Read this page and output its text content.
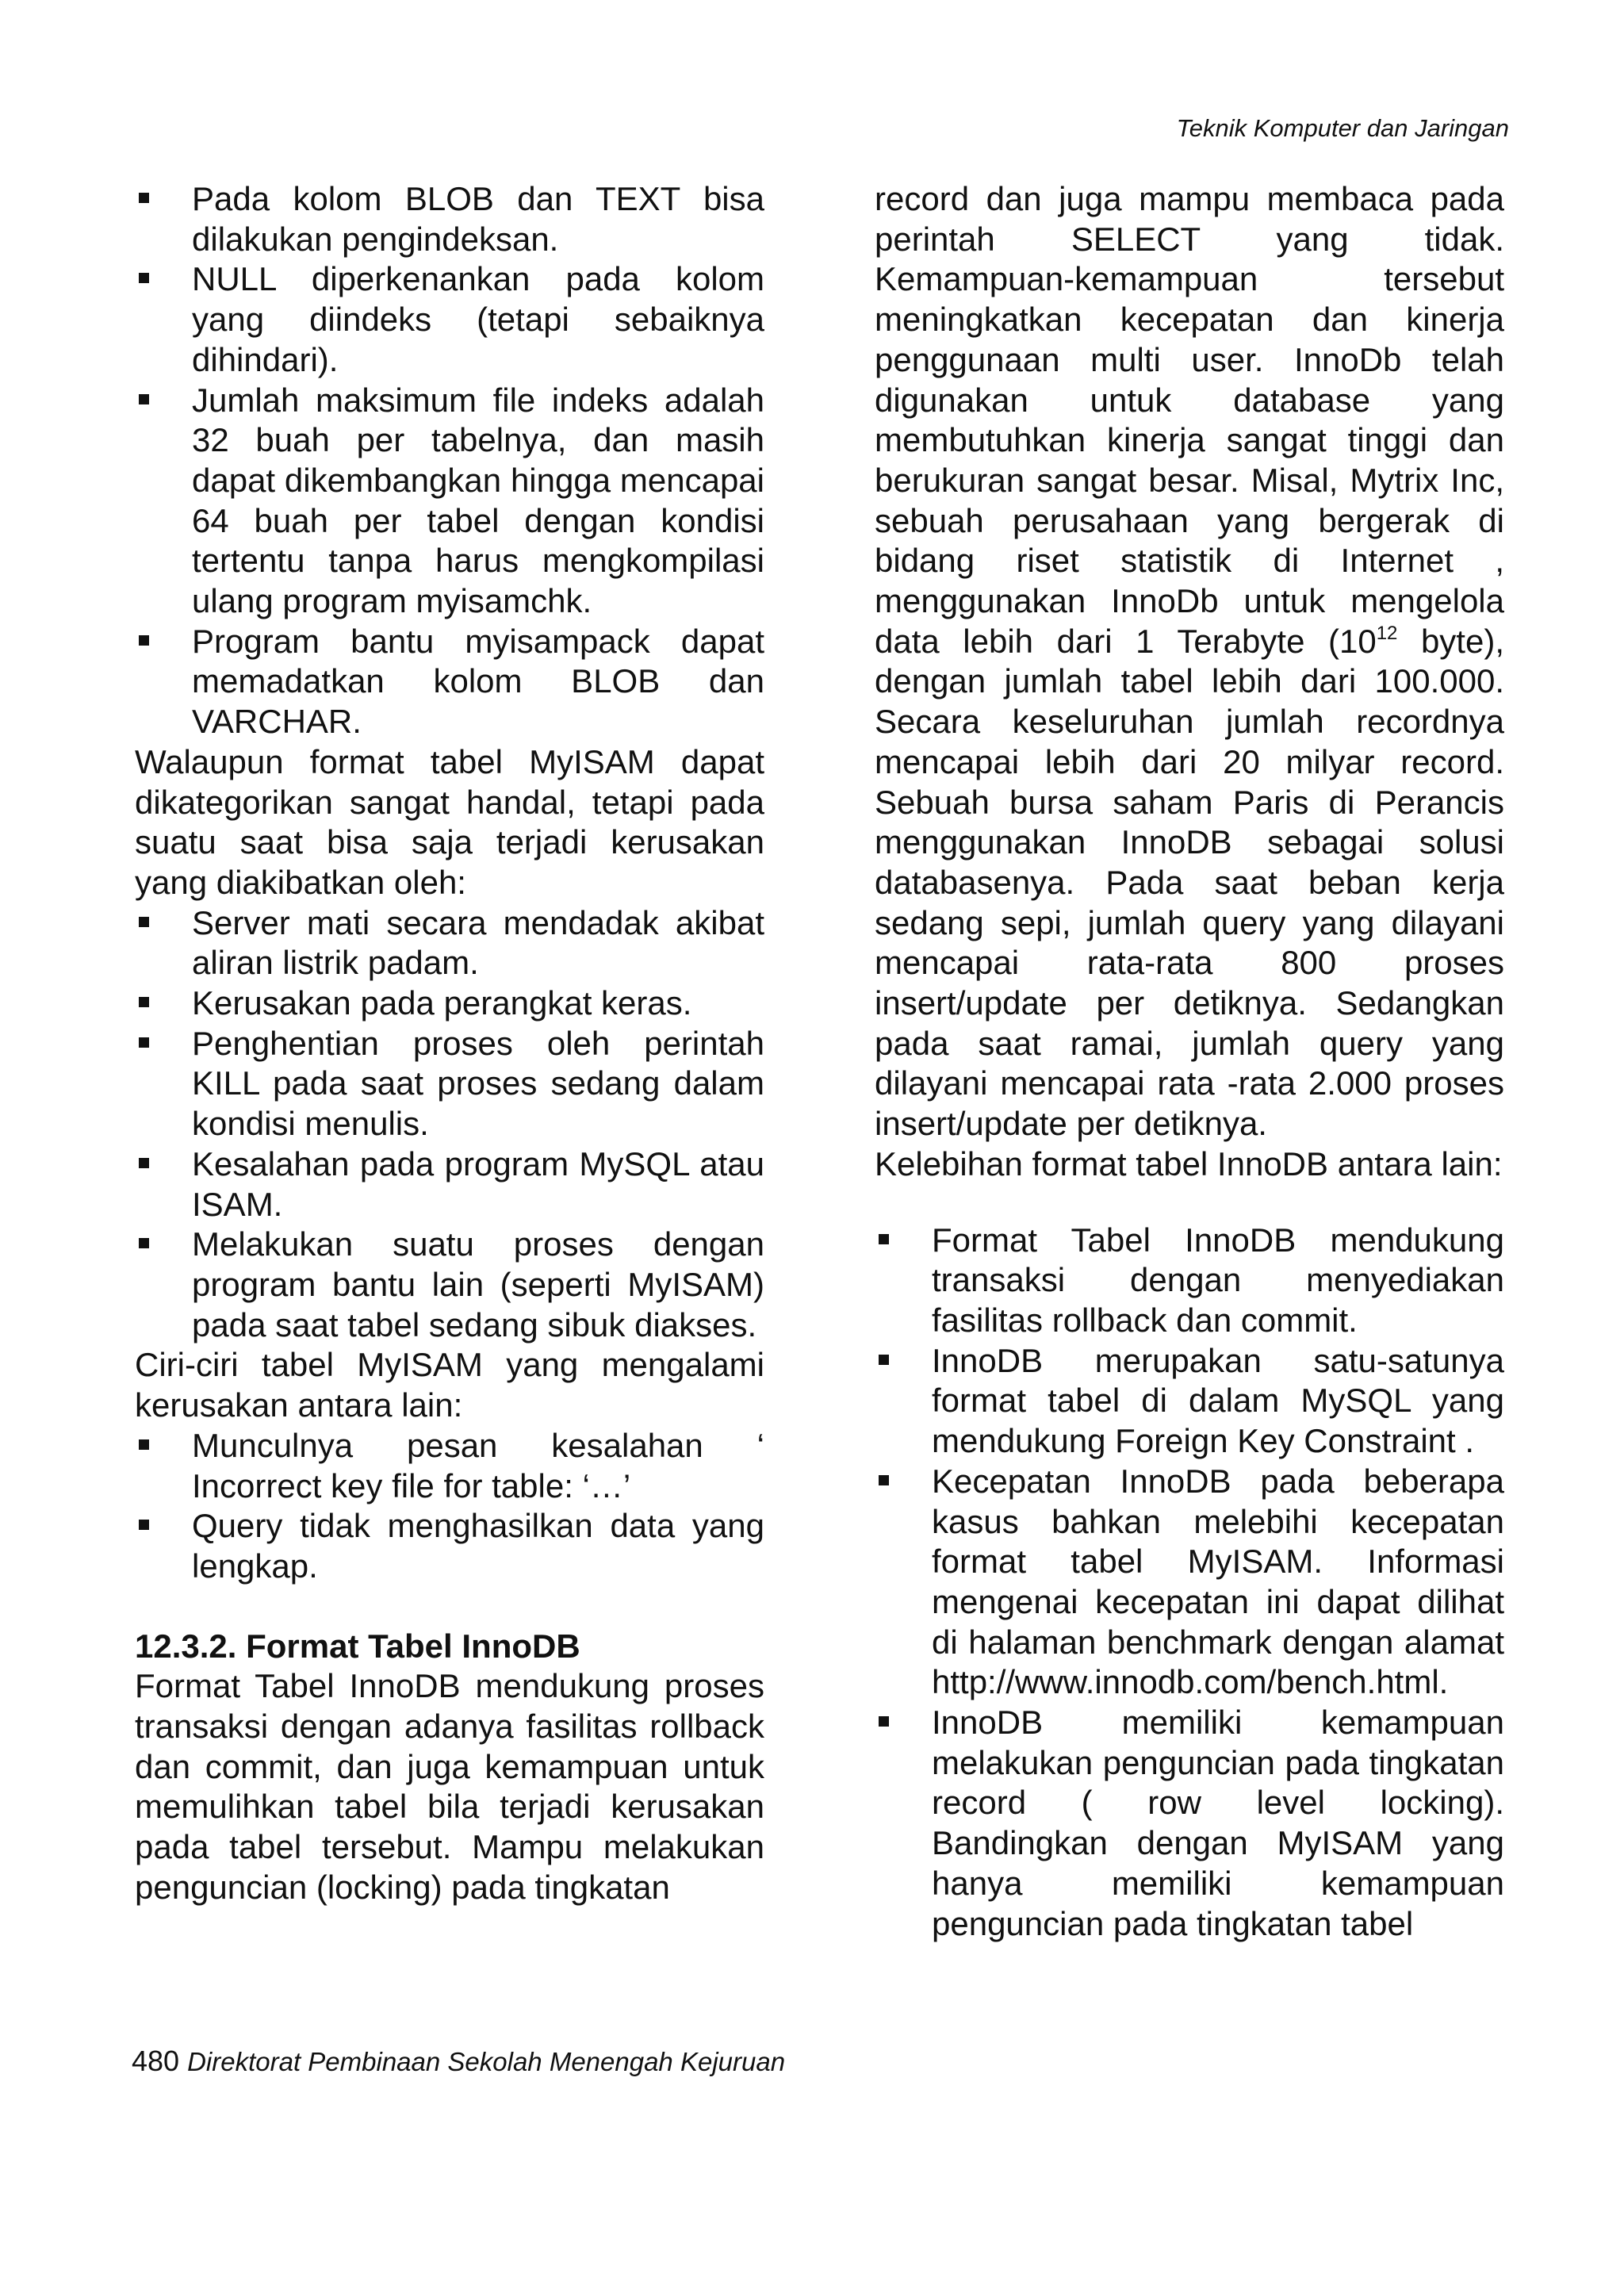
Teknik Komputer dan Jaringan
Pada kolom BLOB dan TEXT bisa dilakukan pengindeksan.
NULL diperkenankan pada kolom yang diindeks (tetapi sebaiknya dihindari).
Jumlah maksimum file indeks adalah 32 buah per tabelnya, dan masih dapat dikembangkan hingga mencapai 64 buah per tabel dengan kondisi tertentu tanpa harus mengkompilasi ulang program myisamchk.
Program bantu myisampack dapat memadatkan kolom BLOB dan VARCHAR.

Walaupun format tabel MyISAM dapat dikategorikan sangat handal, tetapi pada suatu saat bisa saja terjadi kerusakan yang diakibatkan oleh:

Server mati secara mendadak akibat aliran listrik padam.
Kerusakan pada perangkat keras.
Penghentian proses oleh perintah KILL pada saat proses sedang dalam kondisi menulis.
Kesalahan pada program MySQL atau ISAM.
Melakukan suatu proses dengan program bantu lain (seperti MyISAM) pada saat tabel sedang sibuk diakses.

Ciri-ciri tabel MyISAM yang mengalami kerusakan antara lain:

Munculnya pesan kesalahan ‘ Incorrect key file for table: ‘…’
Query tidak menghasilkan data yang lengkap.
12.3.2. Format Tabel InnoDB

Format Tabel InnoDB mendukung proses transaksi dengan adanya fasilitas rollback dan commit, dan juga kemampuan untuk memulihkan tabel bila terjadi kerusakan pada tabel tersebut. Mampu melakukan penguncian (locking) pada tingkatan

record dan juga mampu membaca pada perintah SELECT yang tidak. Kemampuan-kemampuan tersebut meningkatkan kecepatan dan kinerja penggunaan multi user. InnoDb telah digunakan untuk database yang membutuhkan kinerja sangat tinggi dan berukuran sangat besar. Misal, Mytrix Inc, sebuah perusahaan yang bergerak di bidang riset statistik di Internet , menggunakan InnoDb untuk mengelola data lebih dari 1 Terabyte ($10^{12}$ byte), dengan jumlah tabel lebih dari 100.000. Secara keseluruhan jumlah recordnya mencapai lebih dari 20 milyar record. Sebuah bursa saham Paris di Perancis menggunakan InnoDB sebagai solusi databasenya. Pada saat beban kerja sedang sepi, jumlah query yang dilayani mencapai rata-rata 800 proses insert/update per detiknya. Sedangkan pada saat ramai, jumlah query yang dilayani mencapai rata -rata 2.000 proses insert/update per detiknya.

Kelebihan format tabel InnoDB antara lain:

Format Tabel InnoDB mendukung transaksi dengan menyediakan fasilitas rollback dan commit.
InnoDB merupakan satu-satunya format tabel di dalam MySQL yang mendukung Foreign Key Constraint .
Kecepatan InnoDB pada beberapa kasus bahkan melebihi kecepatan format tabel MyISAM. Informasi mengenai kecepatan ini dapat dilihat di halaman benchmark dengan alamat http://www.innodb.com/bench.html.
InnoDB memiliki kemampuan melakukan penguncian pada tingkatan record ( row level locking). Bandingkan dengan MyISAM yang hanya memiliki kemampuan penguncian pada tingkatan tabel
480 Direktorat Pembinaan Sekolah Menengah Kejuruan
